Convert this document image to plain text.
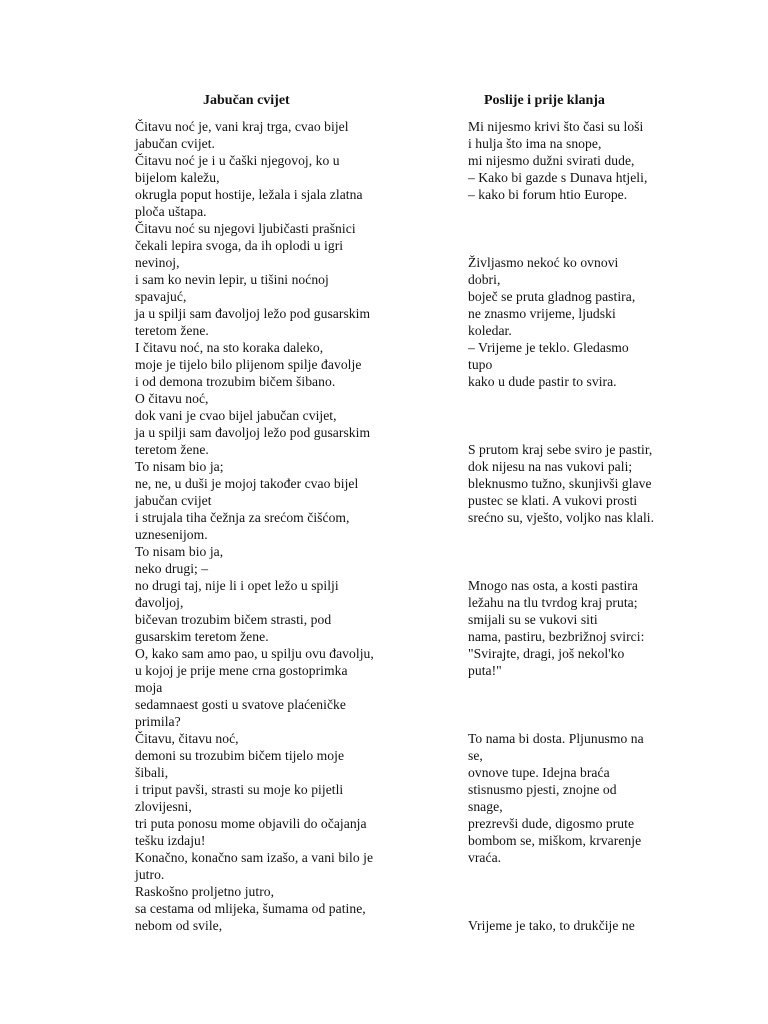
Jabučan cvijet	Poslije i prije klanja
Čitavu noć je, vani kraj trga, cvao bijel
jabučan cvijet.
Čitavu noć je i u čaški njegovoj, ko u
bijelom kaležu,
okrugla poput hostije, ležala i sjala zlatna
ploča uštapa.
Čitavu noć su njegovi ljubičasti prašnici
čekali lepira svoga, da ih oplodi u igri
nevinoj,
i sam ko nevin lepir, u tišini noćnoj
spavajuć,
ja u spilji sam đavoljoj ležo pod gusarskim
teretom žene.
I čitavu noć, na sto koraka daleko,
moje je tijelo bilo plijenom spilje đavolje
i od demona trozubim bičem šibano.
O čitavu noć,
dok vani je cvao bijel jabučan cvijet,
ja u spilji sam đavoljoj ležo pod gusarskim
teretom žene.
To nisam bio ja;
ne, ne, u duši je mojoj također cvao bijel
jabučan cvijet
i strujala tiha čežnja za srećom čišćom,
uznesenijom.
To nisam bio ja,
neko drugi; –
no drugi taj, nije li i opet ležo u spilji
đavoljoj,
bičevan trozubim bičem strasti, pod
gusarskim teretom žene.
O, kako sam amo pao, u spilju ovu đavolju,
u kojoj je prije mene crna gostoprimka
moja
sedamnaest gosti u svatove plaćeničke
primila?
Čitavu, čitavu noć,
demoni su trozubim bičem tijelo moje
šibali,
i triput pavši, strasti su moje ko pijetli
zlovijesni,
tri puta ponosu mome objavili do očajanja
tešku izdaju!
Konačno, konačno sam izašo, a vani bilo je
jutro.
Raskošno proljetno jutro,
sa cestama od mlijeka, šumama od patine,
nebom od svile,
Mi nijesmo krivi što časi su loši
i hulja što ima na snope,
mi nijesmo dužni svirati dude,
– Kako bi gazde s Dunava htjeli,
– kako bi forum htio Europe.
Življasmo nekoć ko ovnovi
dobri,
boječ se pruta gladnog pastira,
ne znasmo vrijeme, ljudski
koledar.
– Vrijeme je teklo. Gledasmo
tupo
kako u dude pastir to svira.
S prutom kraj sebe sviro je pastir,
dok nijesu na nas vukovi pali;
bleknusmo tužno, skunjivši glave
pustec se klati. A vukovi prosti
srećno su, vješto, voljko nas klali.
Mnogo nas osta, a kosti pastira
ležahu na tlu tvrdog kraj pruta;
smijali su se vukovi siti
nama, pastiru, bezbrižnoj svirci:
"Svirajte, dragi, još nekol'ko
puta!"
To nama bi dosta. Pljunusmo na
se,
ovnove tupe. Idejna braća
stisnusmo pjesti, znojne od
snage,
prezrevši dude, digosmo prute
bombom se, miškom, krvarenje
vraća.
Vrijeme je tako, to drukčije ne
